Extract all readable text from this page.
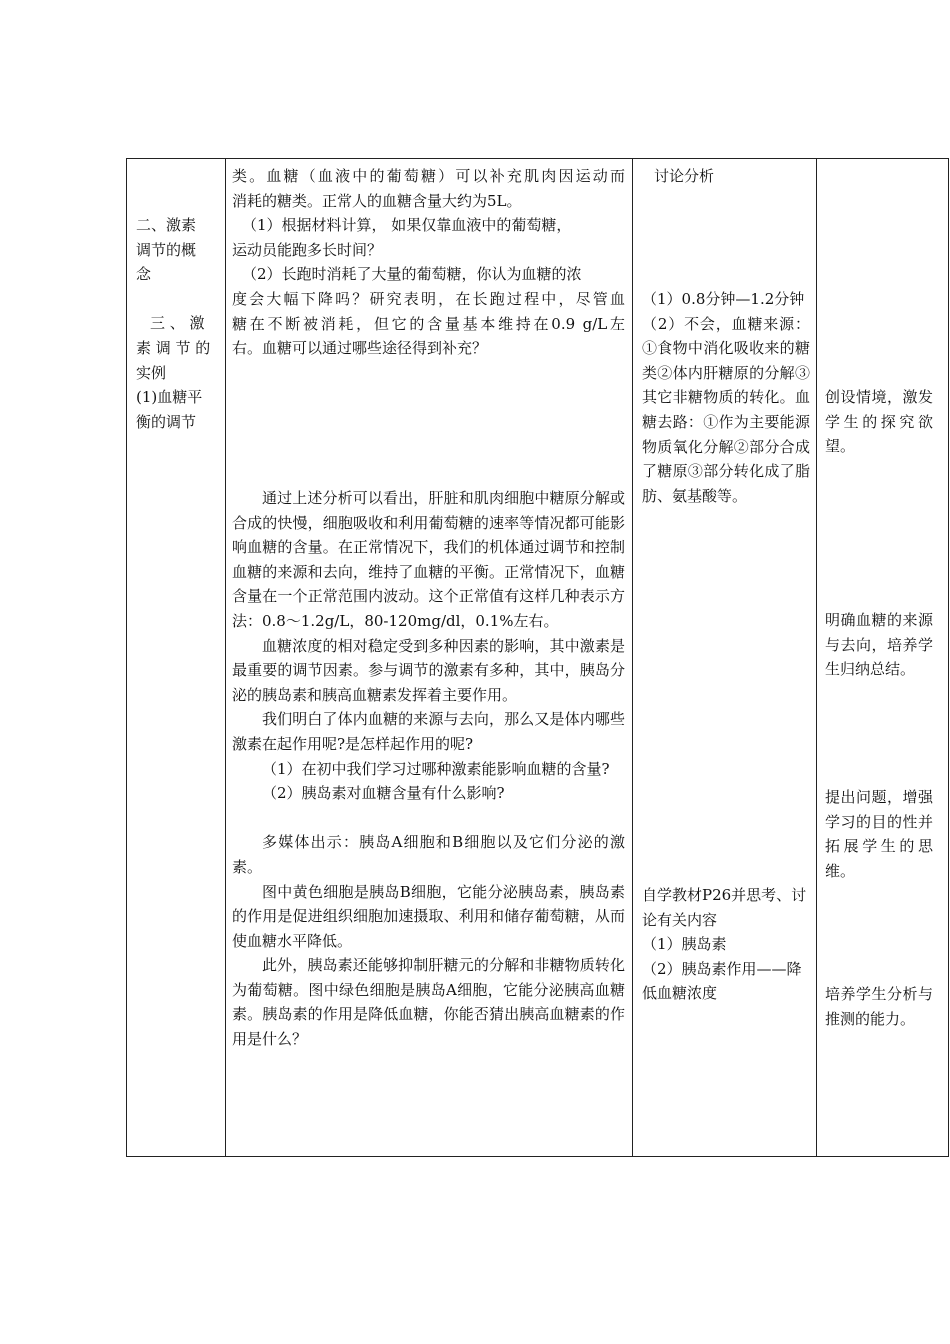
二、激素

调节的概

念

三 、 激

素 调 节 的

实例

(1)血糖平

衡的调节

类。血糖（血液中的葡萄糖）可以补充肌肉因运动而

消耗的糖类。正常人的血糖含量大约为5L。

（1）根据材料计算， 如果仅靠血液中的葡萄糖，

运动员能跑多长时间？

（2）长跑时消耗了大量的葡萄糖，你认为血糖的浓

度会大幅下降吗？研究表明，在长跑过程中，尽管血

糖在不断被消耗，但它的含量基本维持在0.9 g/L左

右。血糖可以通过哪些途径得到补充？

通过上述分析可以看出，肝脏和肌肉细胞中糖原分解或合成的快慢，细胞吸收和利用葡萄糖的速率等情况都可能影响血糖的含量。在正常情况下，我们的机体通过调节和控制血糖的来源和去向，维持了血糖的平衡。正常情况下，血糖含量在一个正常范围内波动。这个正常值有这样几种表示方法：0.8～1.2g/L，80-120mg/dl，0.1%左右。

血糖浓度的相对稳定受到多种因素的影响，其中激素是最重要的调节因素。参与调节的激素有多种，其中，胰岛分泌的胰岛素和胰高血糖素发挥着主要作用。

我们明白了体内血糖的来源与去向，那么又是体内哪些激素在起作用呢?是怎样起作用的呢?

（1）在初中我们学习过哪种激素能影响血糖的含量?

（2）胰岛素对血糖含量有什么影响?

多媒体出示：胰岛A细胞和B细胞以及它们分泌的激素。

图中黄色细胞是胰岛B细胞，它能分泌胰岛素，胰岛素的作用是促进组织细胞加速摄取、利用和储存葡萄糖，从而使血糖水平降低。

此外，胰岛素还能够抑制肝糖元的分解和非糖物质转化为葡萄糖。图中绿色细胞是胰岛A细胞，它能分泌胰高血糖素。胰岛素的作用是降低血糖，你能否猜出胰高血糖素的作用是什么？

讨论分析

（1）0.8分钟—1.2分钟

（2）不会，血糖来源：①食物中消化吸收来的糖类②体内肝糖原的分解③其它非糖物质的转化。血糖去路：①作为主要能源物质氧化分解②部分合成了糖原③部分转化成了脂肪、氨基酸等。

自学教材P26并思考、讨论有关内容

（1）胰岛素

（2）胰岛素作用——降低血糖浓度

创设情境，激发学生的探究欲望。

明确血糖的来源与去向，培养学生归纳总结。

提出问题，增强学习的目的性并拓展学生的思维。

培养学生分析与推测的能力。
